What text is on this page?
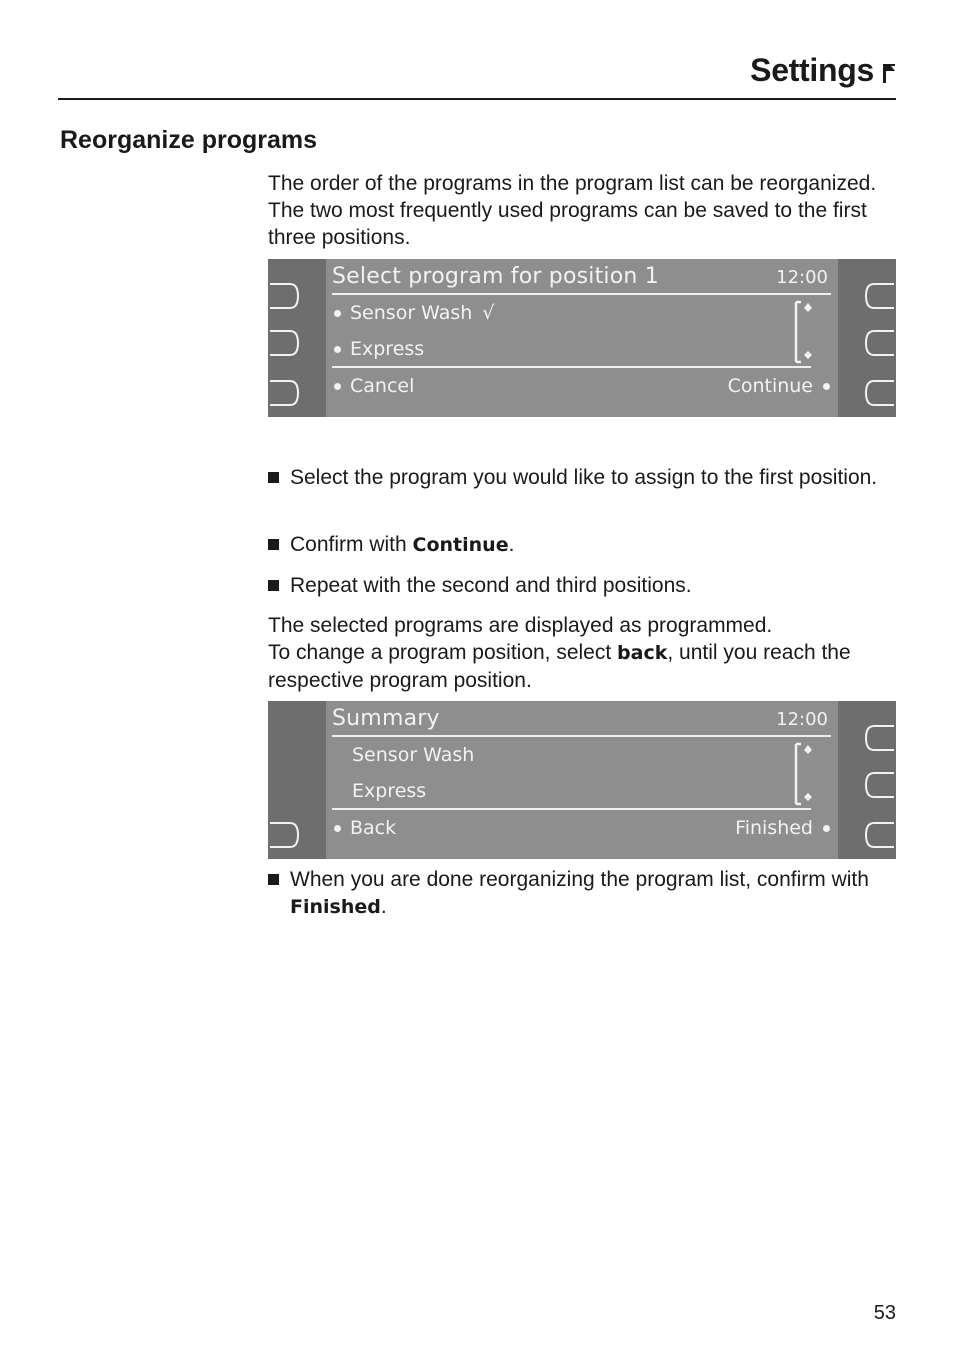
Settings
Reorganize programs
The order of the programs in the program list can be reorganized. The two most frequently used programs can be saved to the first three positions.
Select program for position 1	12:00
Sensor Wash √
Express
Cancel	Continue
Select the program you would like to assign to the first position.
Confirm with Continue.
Repeat with the second and third positions.
The selected programs are displayed as programmed.
To change a program position, select back, until you reach the respective program position.
Summary	12:00
Sensor Wash
Express
Back	Finished
When you are done reorganizing the program list, confirm with Finished.
53
